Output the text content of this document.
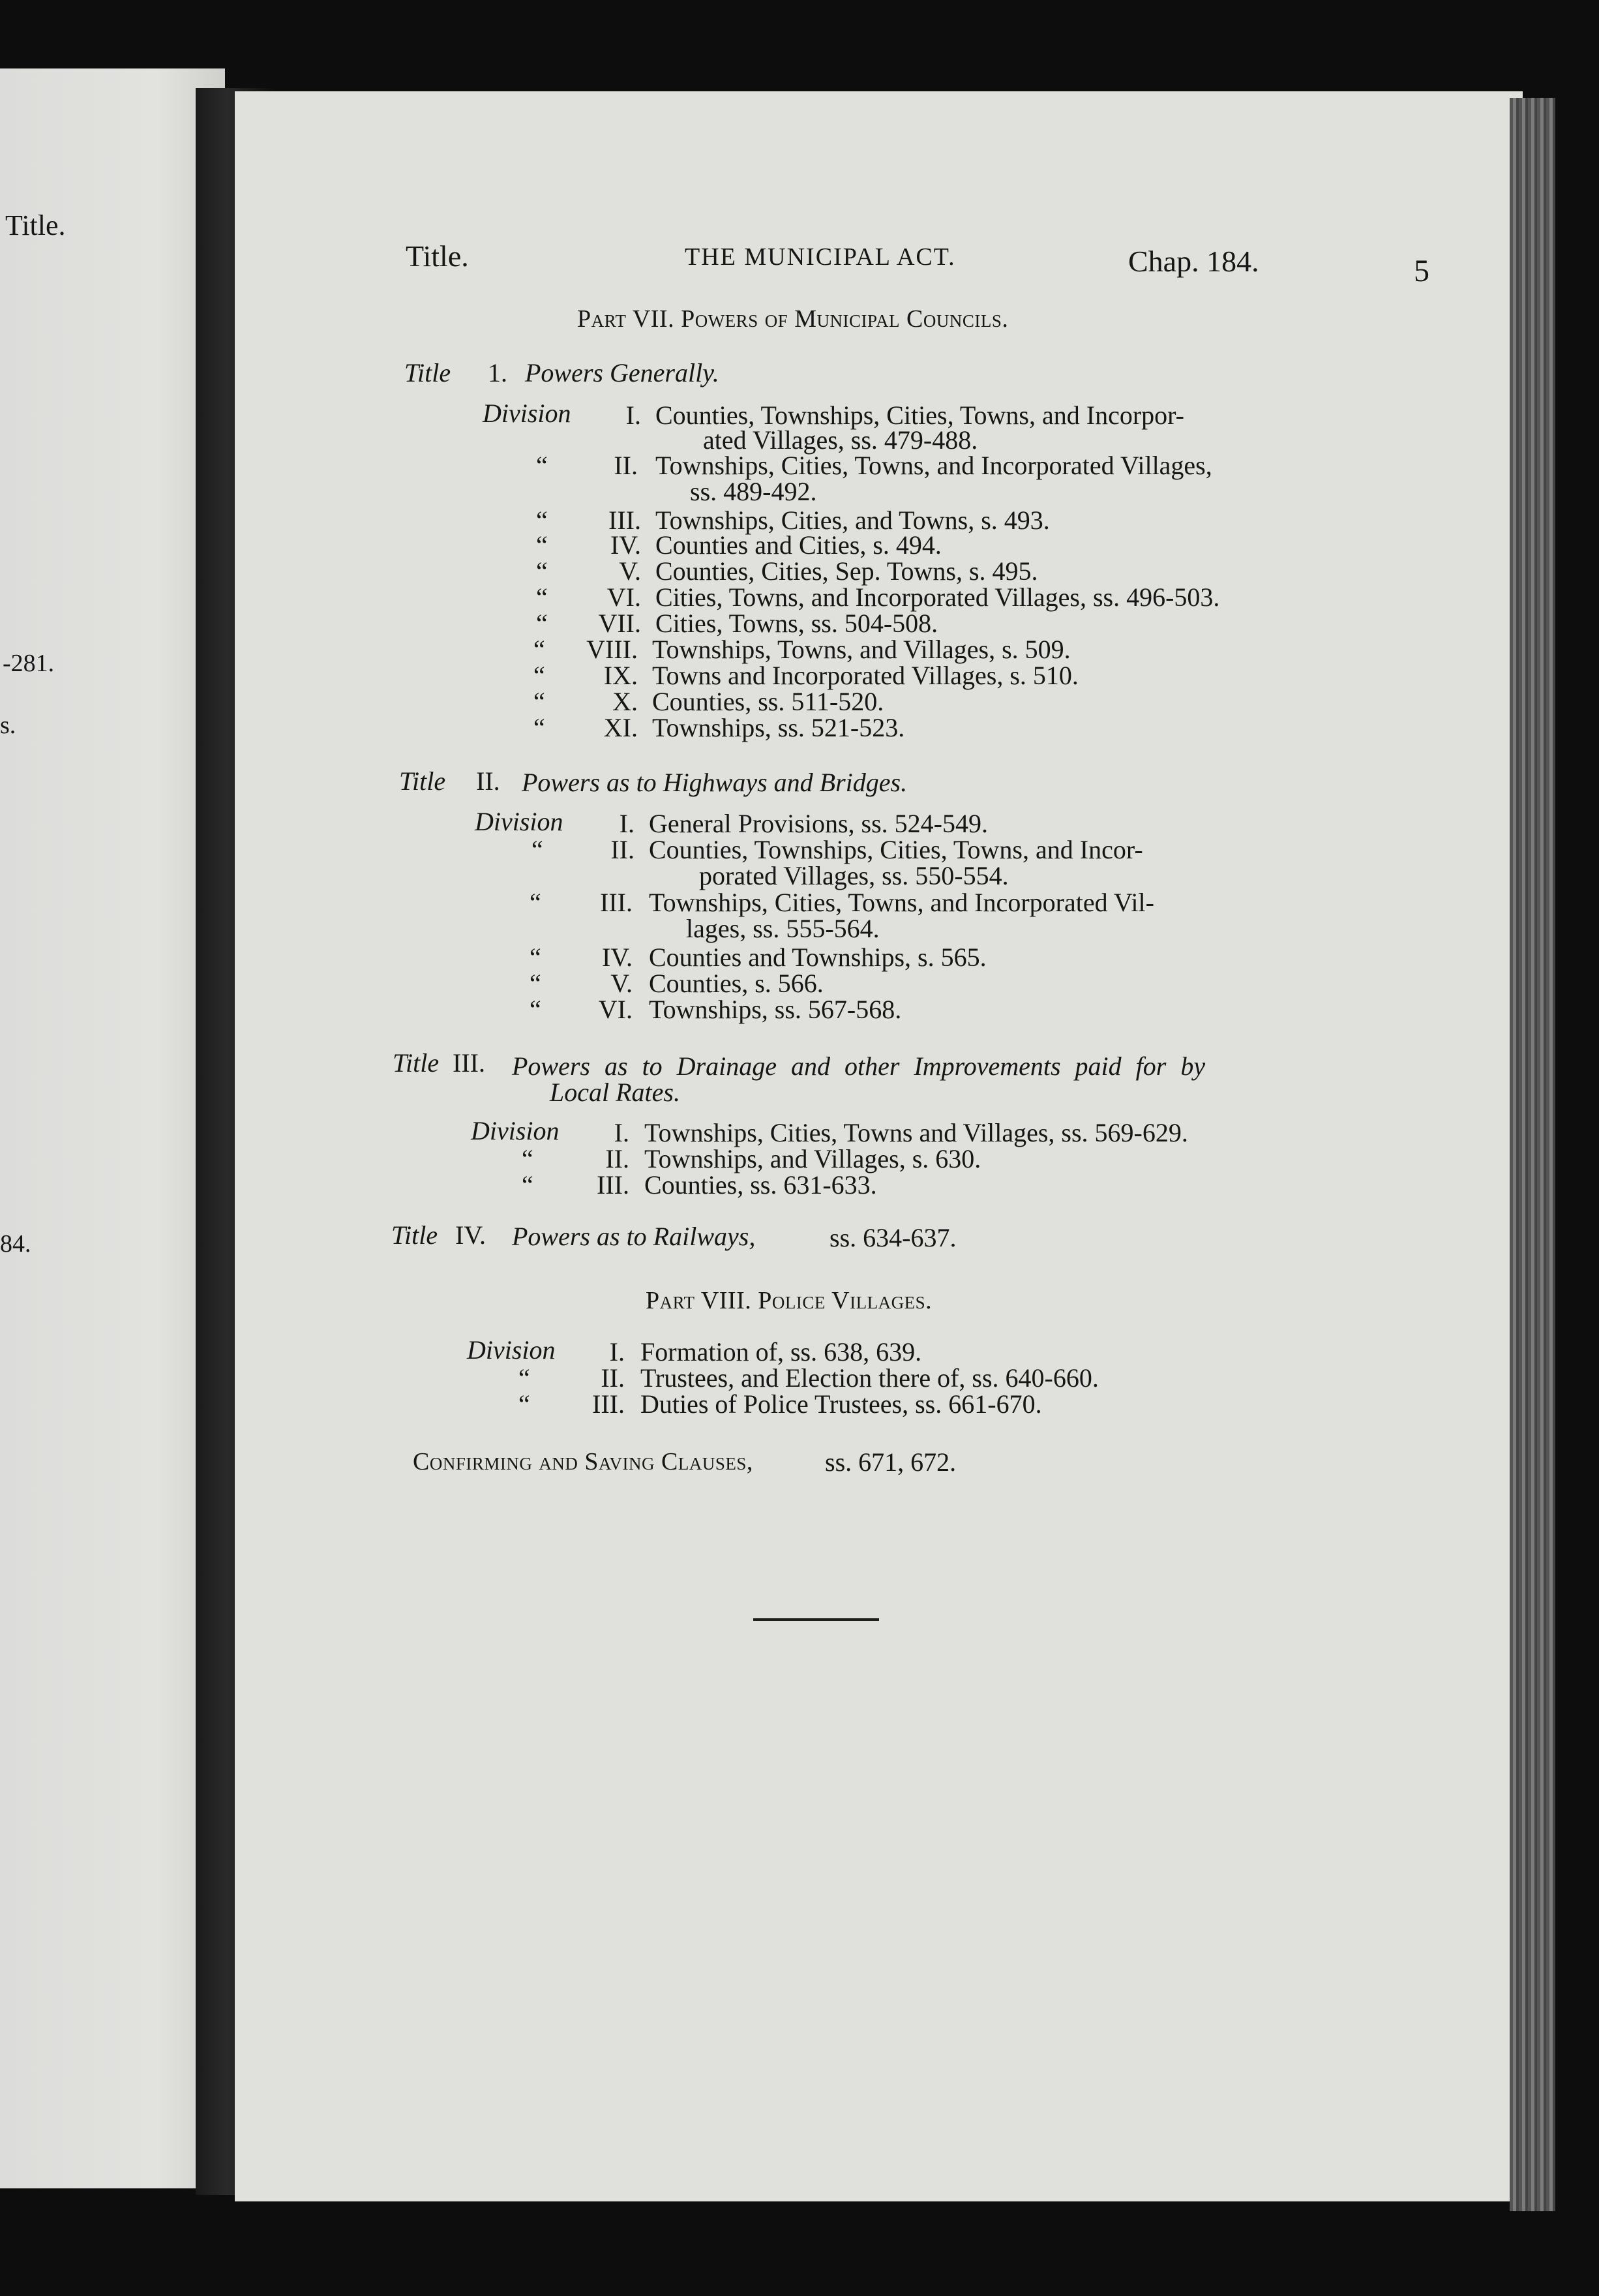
Title.
-281.
s.
84.
Title.	THE MUNICIPAL ACT.	Chap. 184.	5
Part VII. Powers of Municipal Councils.
Title 1. Powers Generally.
Division	I. Counties, Townships, Cities, Towns, and Incorpor-
ated Villages, ss. 479-488.
“	II. Townships, Cities, Towns, and Incorporated Villages,
ss. 489-492.
“	III. Townships, Cities, and Towns, s. 493.
“	IV. Counties and Cities, s. 494.
“	V. Counties, Cities, Sep. Towns, s. 495.
“	VI. Cities, Towns, and Incorporated Villages, ss. 496-503.
“	VII. Cities, Towns, ss. 504-508.
“	VIII. Townships, Towns, and Villages, s. 509.
“	IX. Towns and Incorporated Villages, s. 510.
“	X. Counties, ss. 511-520.
“	XI. Townships, ss. 521-523.
Title II. Powers as to Highways and Bridges.
Division	I. General Provisions, ss. 524-549.
“	II. Counties, Townships, Cities, Towns, and Incor-
porated Villages, ss. 550-554.
“	III. Townships, Cities, Towns, and Incorporated Vil-
lages, ss. 555-564.
“	IV. Counties and Townships, s. 565.
“	V. Counties, s. 566.
“	VI. Townships, ss. 567-568.
Title III. Powers as to Drainage and other Improvements paid for by
Local Rates.
Division	I. Townships, Cities, Towns and Villages, ss. 569-629.
“	II. Townships, and Villages, s. 630.
“	III. Counties, ss. 631-633.
Title IV. Powers as to Railways,	ss. 634-637.
Part VIII. Police Villages.
Division	I. Formation of, ss. 638, 639.
“	II. Trustees, and Election there of, ss. 640-660.
“	III. Duties of Police Trustees, ss. 661-670.
Confirming and Saving Clauses,	ss. 671, 672.
